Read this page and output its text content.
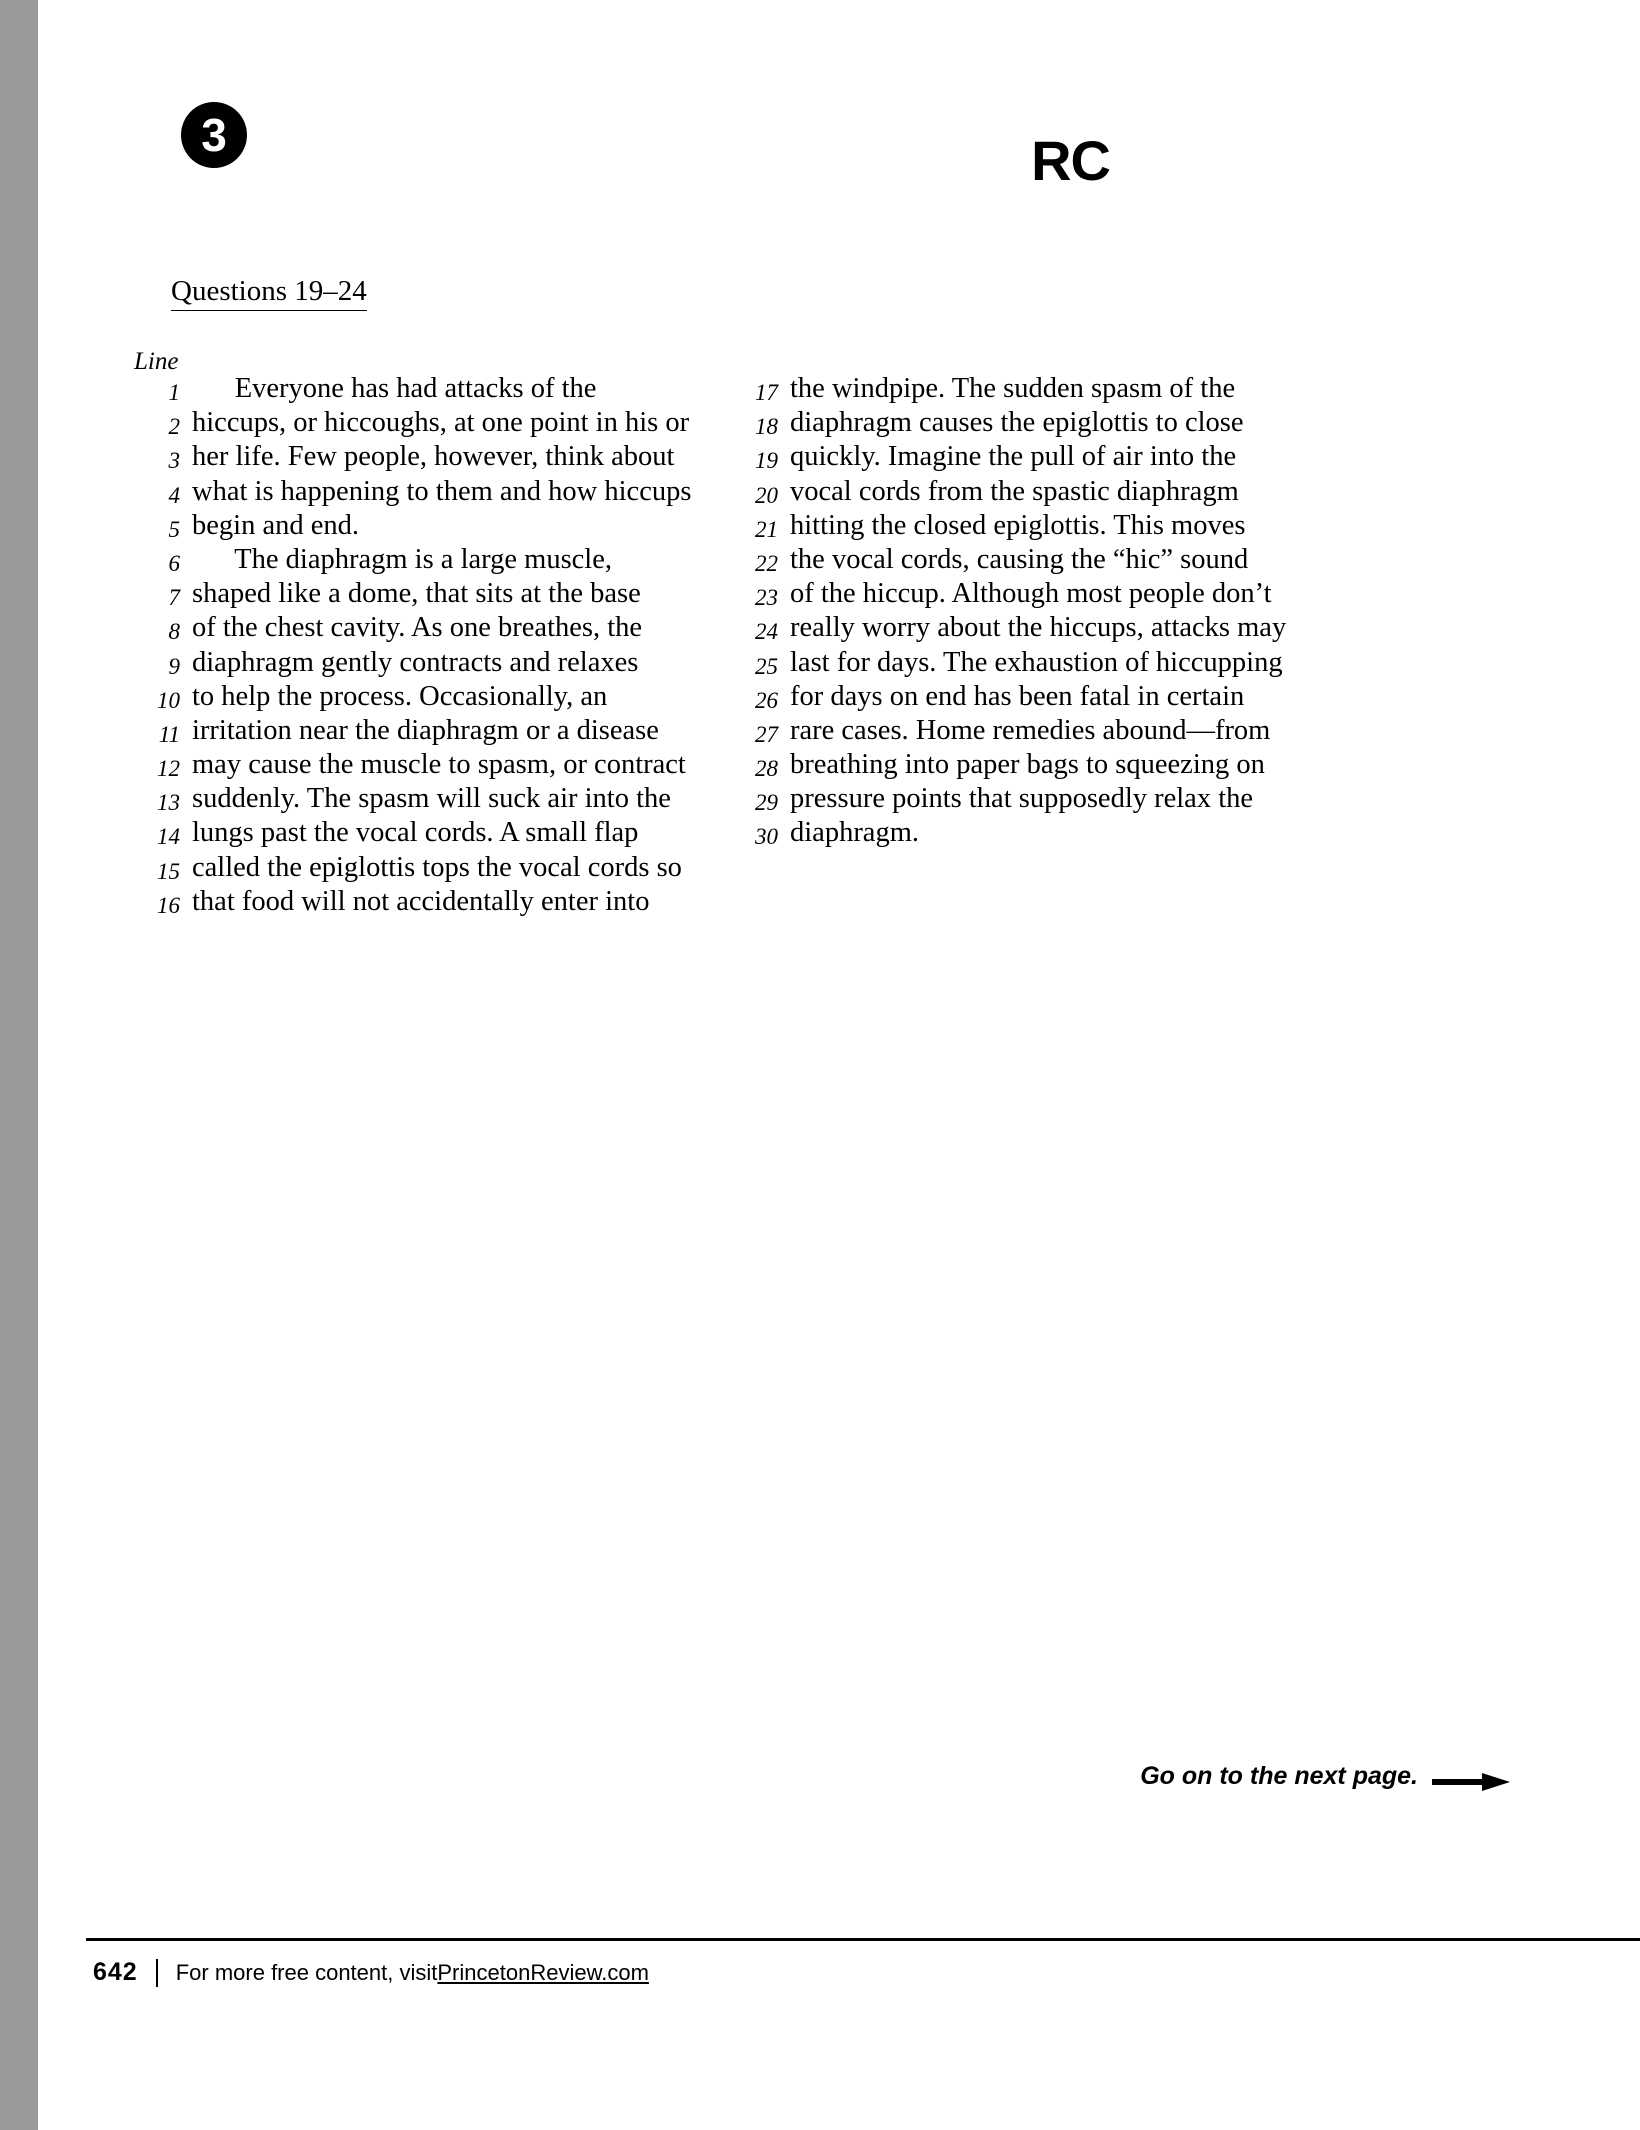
3	RC
Questions 19–24
Line
1 Everyone has had attacks of the
2 hiccups, or hiccoughs, at one point in his or
3 her life. Few people, however, think about
4 what is happening to them and how hiccups
5 begin and end.
6 The diaphragm is a large muscle,
7 shaped like a dome, that sits at the base
8 of the chest cavity. As one breathes, the
9 diaphragm gently contracts and relaxes
10 to help the process. Occasionally, an
11 irritation near the diaphragm or a disease
12 may cause the muscle to spasm, or contract
13 suddenly. The spasm will suck air into the
14 lungs past the vocal cords. A small flap
15 called the epiglottis tops the vocal cords so
16 that food will not accidentally enter into
17 the windpipe. The sudden spasm of the
18 diaphragm causes the epiglottis to close
19 quickly. Imagine the pull of air into the
20 vocal cords from the spastic diaphragm
21 hitting the closed epiglottis. This moves
22 the vocal cords, causing the “hic” sound
23 of the hiccup. Although most people don’t
24 really worry about the hiccups, attacks may
25 last for days. The exhaustion of hiccupping
26 for days on end has been fatal in certain
27 rare cases. Home remedies abound—from
28 breathing into paper bags to squeezing on
29 pressure points that supposedly relax the
30 diaphragm.
Go on to the next page.
642 For more free content, visit PrincetonReview.com
